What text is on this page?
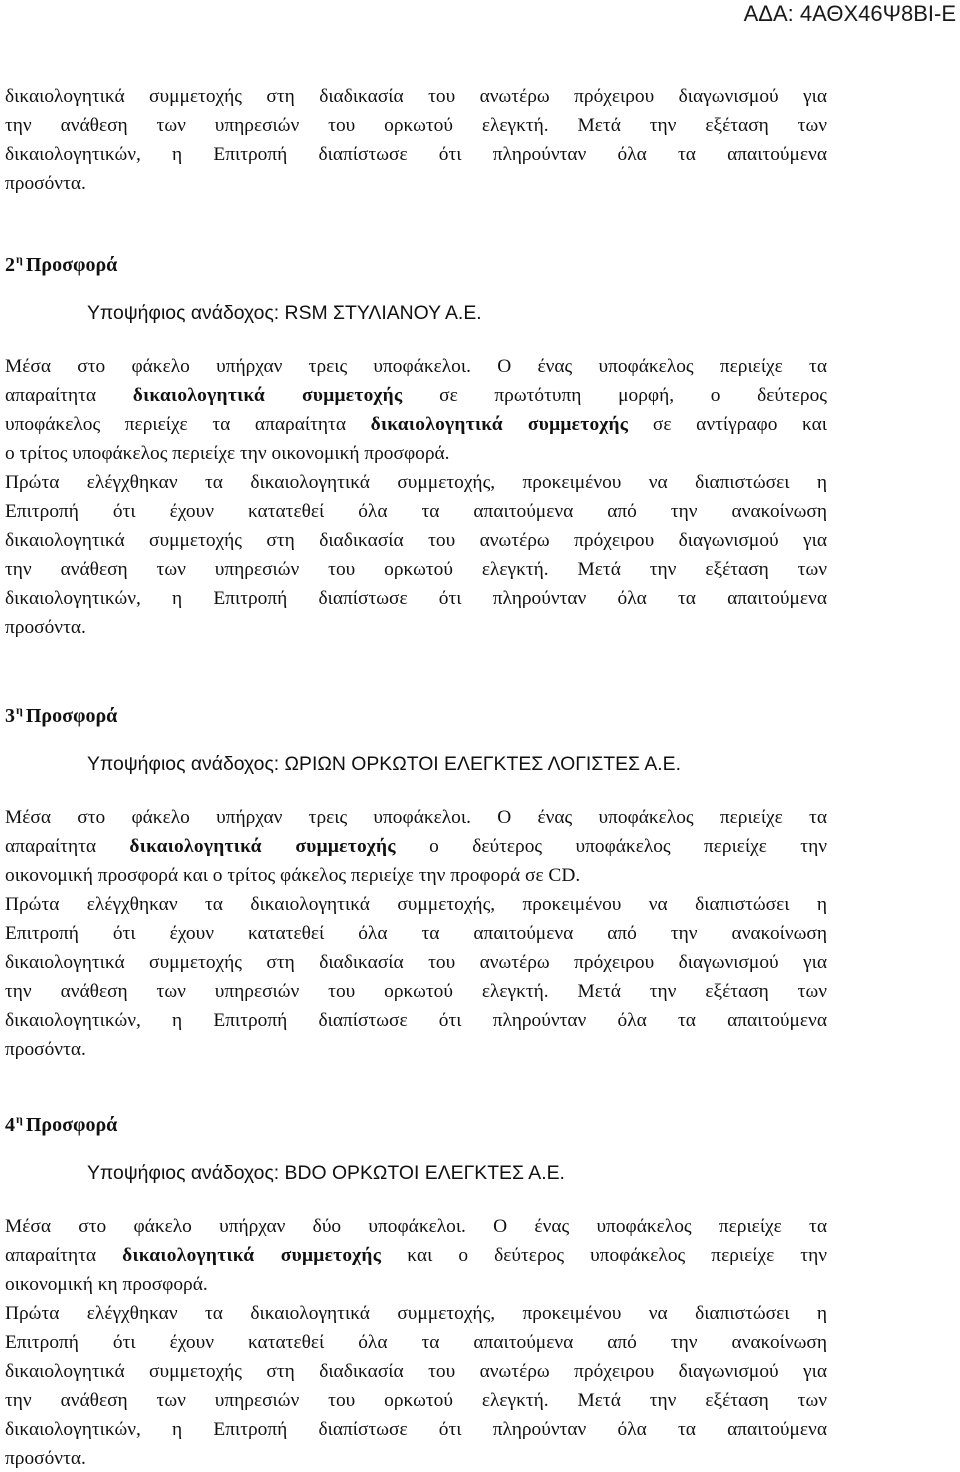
ΑΔΑ: 4ΑΘΧ46Ψ8ΒΙ-Ε
δικαιολογητικά συμμετοχής στη διαδικασία του ανωτέρω πρόχειρου διαγωνισμού για
την ανάθεση των υπηρεσιών του ορκωτού ελεγκτή. Μετά την εξέταση των
δικαιολογητικών, η Επιτροπή διαπίστωσε ότι πληρούνταν όλα τα απαιτούμενα
προσόντα.
$2^\eta$ Προσφορά
Υποψήφιος ανάδοχος: RSM ΣΤΥΛΙΑΝΟΥ Α.Ε.
Μέσα στο φάκελο υπήρχαν τρεις υποφάκελοι. Ο ένας υποφάκελος περιείχε τα
απαραίτητα δικαιολογητικά συμμετοχής σε πρωτότυπη μορφή, ο δεύτερος
υποφάκελος περιείχε τα απαραίτητα δικαιολογητικά συμμετοχής σε αντίγραφο και
ο τρίτος υποφάκελος περιείχε την οικονομική προσφορά.
Πρώτα ελέγχθηκαν τα δικαιολογητικά συμμετοχής, προκειμένου να διαπιστώσει η
Επιτροπή ότι έχουν κατατεθεί όλα τα απαιτούμενα από την ανακοίνωση
δικαιολογητικά συμμετοχής στη διαδικασία του ανωτέρω πρόχειρου διαγωνισμού για
την ανάθεση των υπηρεσιών του ορκωτού ελεγκτή. Μετά την εξέταση των
δικαιολογητικών, η Επιτροπή διαπίστωσε ότι πληρούνταν όλα τα απαιτούμενα
προσόντα.
$3^\eta$ Προσφορά
Υποψήφιος ανάδοχος: ΩΡΙΩΝ ΟΡΚΩΤΟΙ ΕΛΕΓΚΤΕΣ ΛΟΓΙΣΤΕΣ Α.Ε.
Μέσα στο φάκελο υπήρχαν τρεις υποφάκελοι. Ο ένας υποφάκελος περιείχε τα
απαραίτητα δικαιολογητικά συμμετοχής ο δεύτερος υποφάκελος περιείχε την
οικονομική προσφορά και ο τρίτος φάκελος περιείχε την προφορά σε CD.
Πρώτα ελέγχθηκαν τα δικαιολογητικά συμμετοχής, προκειμένου να διαπιστώσει η
Επιτροπή ότι έχουν κατατεθεί όλα τα απαιτούμενα από την ανακοίνωση
δικαιολογητικά συμμετοχής στη διαδικασία του ανωτέρω πρόχειρου διαγωνισμού για
την ανάθεση των υπηρεσιών του ορκωτού ελεγκτή. Μετά την εξέταση των
δικαιολογητικών, η Επιτροπή διαπίστωσε ότι πληρούνταν όλα τα απαιτούμενα
προσόντα.
$4^\eta$ Προσφορά
Υποψήφιος ανάδοχος: BDO ΟΡΚΩΤΟΙ ΕΛΕΓΚΤΕΣ Α.Ε.
Μέσα στο φάκελο υπήρχαν δύο υποφάκελοι. Ο ένας υποφάκελος περιείχε τα
απαραίτητα δικαιολογητικά συμμετοχής και ο δεύτερος υποφάκελος περιείχε την
οικονομική κη προσφορά.
Πρώτα ελέγχθηκαν τα δικαιολογητικά συμμετοχής, προκειμένου να διαπιστώσει η
Επιτροπή ότι έχουν κατατεθεί όλα τα απαιτούμενα από την ανακοίνωση
δικαιολογητικά συμμετοχής στη διαδικασία του ανωτέρω πρόχειρου διαγωνισμού για
την ανάθεση των υπηρεσιών του ορκωτού ελεγκτή. Μετά την εξέταση των
δικαιολογητικών, η Επιτροπή διαπίστωσε ότι πληρούνταν όλα τα απαιτούμενα
προσόντα.
